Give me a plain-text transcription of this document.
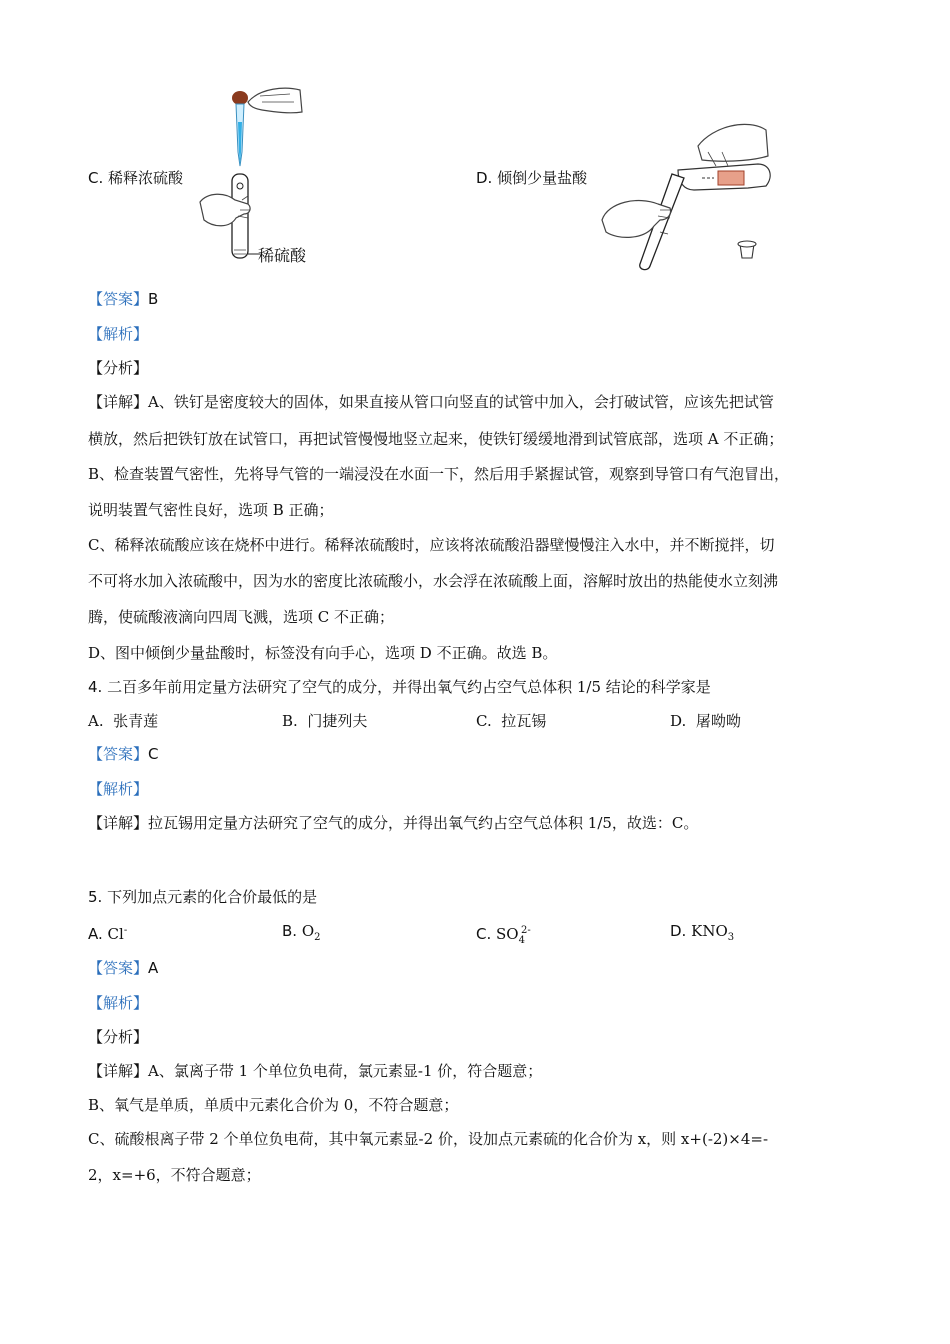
稀硫酸
C. 稀释浓硫酸	D. 倾倒少量盐酸
【答案】B
【解析】
【分析】
【详解】A、铁钉是密度较大的固体，如果直接从管口向竖直的试管中加入，会打破试管，应该先把试管
横放，然后把铁钉放在试管口，再把试管慢慢地竖立起来，使铁钉缓缓地滑到试管底部，选项 A 不正确；
B、检查装置气密性，先将导气管的一端浸没在水面一下，然后用手紧握试管，观察到导管口有气泡冒出，
说明装置气密性良好，选项 B 正确；
C、稀释浓硫酸应该在烧杯中进行。稀释浓硫酸时，应该将浓硫酸沿器壁慢慢注入水中，并不断搅拌，切
不可将水加入浓硫酸中，因为水的密度比浓硫酸小，水会浮在浓硫酸上面，溶解时放出的热能使水立刻沸
腾，使硫酸液滴向四周飞溅，选项 C 不正确；
D、图中倾倒少量盐酸时，标签没有向手心，选项 D 不正确。故选 B。
4. 二百多年前用定量方法研究了空气的成分，并得出氧气约占空气总体积 1/5 结论的科学家是
A. 张青莲	B. 门捷列夫	C. 拉瓦锡	D. 屠呦呦
【答案】C
【解析】
【详解】拉瓦锡用定量方法研究了空气的成分，并得出氧气约占空气总体积 1/5，故选：C。
5. 下列加点元素的化合价最低的是
A. Cl-	B. $O_2$	C. $SO_4^{2-}$	D. $KNO_3$
【答案】A
【解析】
【分析】
【详解】A、氯离子带 1 个单位负电荷，氯元素显-1 价，符合题意；
B、氧气是单质，单质中元素化合价为 0，不符合题意；
C、硫酸根离子带 2 个单位负电荷，其中氧元素显-2 价，设加点元素硫的化合价为 x，则 x+(-2)×4=-
2，x=+6，不符合题意；
